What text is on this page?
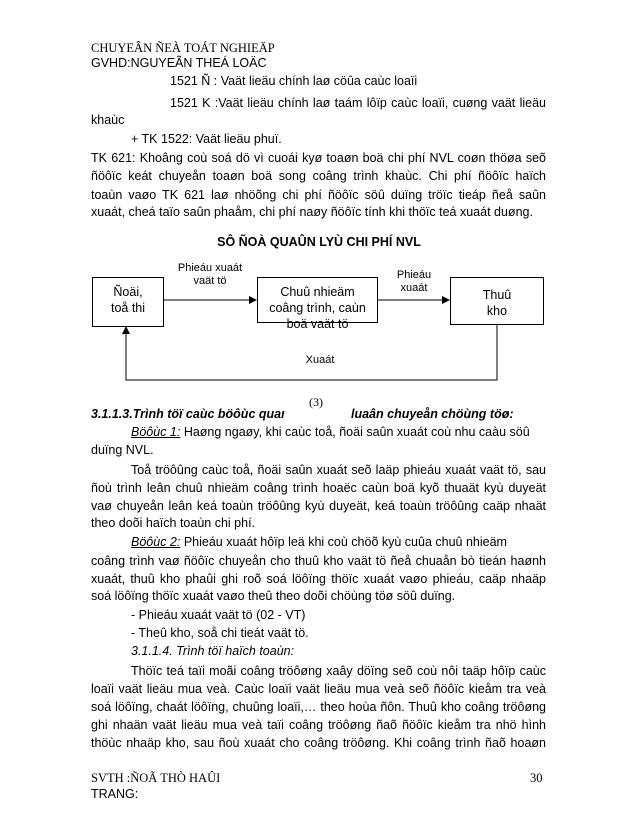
CHUYEÂN ÑEÀ TOÁT NGHIEÄP
GVHD:NGUYEÃN THEÁ LOÄC
1521 Ñ : Vaät lieäu chính laø cöûa caùc loaïi
1521 K :Vaät lieäu chính laø taám lôïp caùc loaïi, cuøng vaät lieäu
khaùc
+ TK 1522: Vaät lieäu phuï.
TK 621: Khoâng coù soá dö vì cuoái kyø toaøn boä chi phí NVL coøn thöøa seõ
ñöôïc keát chuyeån toaøn boä song coâng trình khaùc. Chi phí ñöôïc haïch
toaùn vaøo TK 621 laø nhöõng chi phí ñöôïc söû duïng tröïc tieáp ñeå saûn
xuaát, cheá taïo saûn phaåm, chi phí naøy ñöôïc tính khi thöïc teá xuaát duøng.
SÔ ÑOÀ QUAÛN LYÙ CHI PHÍ NVL
Ñoäi, toå thi
Chuû nhieäm coâng trình, caùn boä vaät tö
Thuû kho
Phieáu xuaát vaät tö	Phieáu xuaát
Xuaát
(3)
3.1.1.3.Trình töï caùc böôùc quaı	luaân chuyeån chöùng töø:
Böôùc 1: Haøng ngaøy, khi caùc toå, ñoäi saûn xuaát coù nhu caàu söû
duïng NVL.
Toå tröôûng caùc toå, ñoäi saûn xuaát seõ laäp phieáu xuaát vaät tö, sau
ñoù trình leân chuû nhieäm coâng trình hoaëc caùn boä kyõ thuaät kyù duyeät
vaø chuyeån leân keá toaùn tröôûng kyù duyeät, keá toaùn tröôûng caäp nhaät
theo doõi haïch toaùn chi phí.
Böôùc 2: Phieáu xuaát hôïp leä khi coù chöõ kyù cuûa chuû nhieäm
coâng trình vaø ñöôïc chuyeån cho thuû kho vaät tö ñeå chuaån bò tieán haønh
xuaát, thuû kho phaûi ghi roõ soá löôïng thöïc xuaát vaøo phieáu, caäp nhaäp
soá löôïng thöïc xuaát vaøo theû theo doõi chöùng töø söû duïng.
- Phieáu xuaát vaät tö (02 - VT)
- Theû kho, soå chi tieát vaät tö.
3.1.1.4. Trình töï haïch toaùn:
Thöïc teá taïi moãi coâng tröôøng xaây döïng seõ coù nôi taäp hôïp caùc
loaïi vaät lieäu mua veà. Caùc loaïi vaät lieäu mua veà seõ ñöôïc kieåm tra veà
soá löôïng, chaát löôïng, chuûng loaïi,… theo hoùa ñôn. Thuû kho coâng tröôøng
ghi nhaän vaät lieäu mua veà taïi coâng tröôøng ñaõ ñöôïc kieåm tra nhö hình
thöùc nhaäp kho, sau ñoù xuaát cho coâng tröôøng. Khi coâng trình ñaõ hoaøn
SVTH :ÑOÃ THÒ HAÛI
TRANG:
30
